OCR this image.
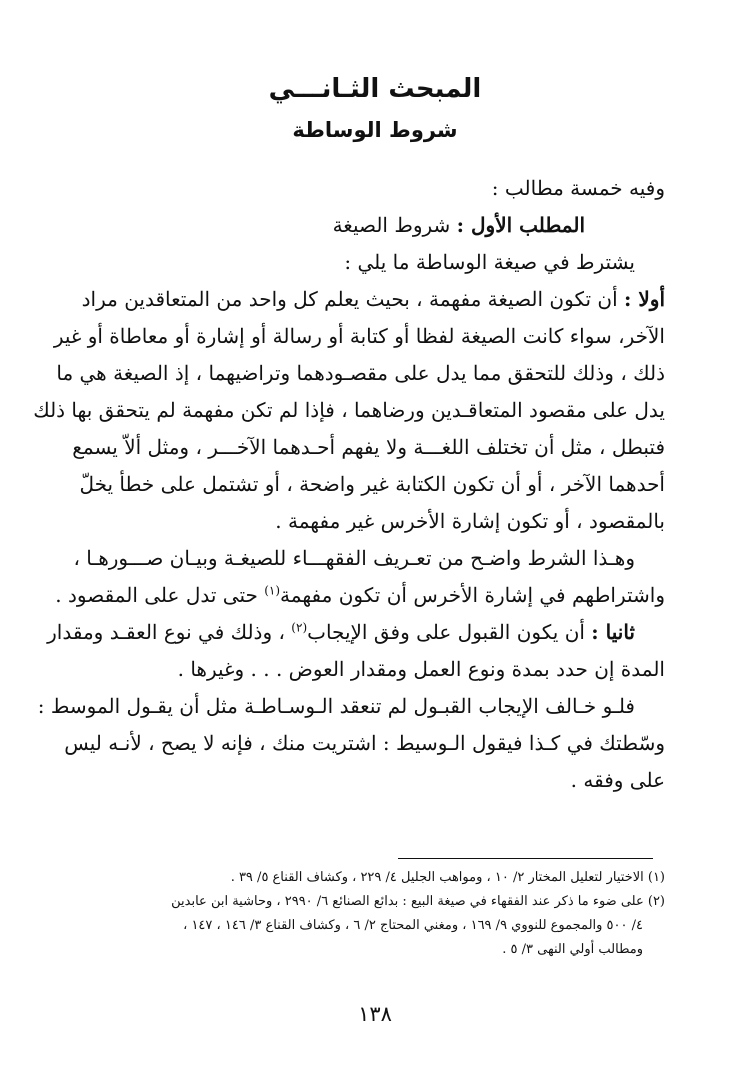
المبحث الثـانـــي
شروط الوساطة
وفيه خمسة مطالب :
المطلب الأول : شروط الصيغة
يشترط في صيغة الوساطة ما يلي :
أولا : أن تكون الصيغة مفهمة ، بحيث يعلم كل واحد من المتعاقدين مراد
الآخر، سواء كانت الصيغة لفظا أو كتابة أو رسالة أو إشارة أو معاطاة أو غير
ذلك ، وذلك للتحقق مما يدل على مقصـودهما وتراضيهما ، إذ الصيغة هي ما
يدل على مقصود المتعاقـدين ورضاهما ، فإذا لم تكن مفهمة لم يتحقق بها ذلك
فتبطل ، مثل أن تختلف اللغـــة ولا يفهم أحـدهما الآخـــر ، ومثل ألاّ يسمع
أحدهما الآخر ، أو أن تكون الكتابة غير واضحة ، أو تشتمل على خطأ يخلّ
بالمقصود ، أو تكون إشارة الأخرس غير مفهمة .
وهـذا الشرط واضـح من تعـريف الفقهـــاء للصيغـة وبيـان صـــورهـا ،
واشتراطهم في إشارة الأخرس أن تكون مفهمة$^{(١)}$ حتى تدل على المقصود .
ثانيا : أن يكون القبول على وفق الإيجاب$^{(٢)}$ ، وذلك في نوع العقـد ومقدار
المدة إن حدد بمدة ونوع العمل ومقدار العوض . . . وغيرها .
فلـو خـالف الإيجاب القبـول لم تنعقد الـوسـاطـة مثل أن يقـول الموسط :
وسّطتك في كـذا فيقول الـوسيط : اشتريت منك ، فإنه لا يصح ، لأنـه ليس
على وفقه .
(١) الاختيار لتعليل المختار ٢/ ١٠ ، ومواهب الجليل ٤/ ٢٢٩ ، وكشاف القناع ٥/ ٣٩ .
(٢) على ضوء ما ذكر عند الفقهاء في صيغة البيع : بدائع الصنائع ٦/ ٢٩٩٠ ، وحاشية ابن عابدين
٤/ ٥٠٠ والمجموع للنووي ٩/ ١٦٩ ، ومغني المحتاج ٢/ ٦ ، وكشاف القناع ٣/ ١٤٦ ، ١٤٧ ،
ومطالب أولي النهى ٣/ ٥ .
١٣٨
